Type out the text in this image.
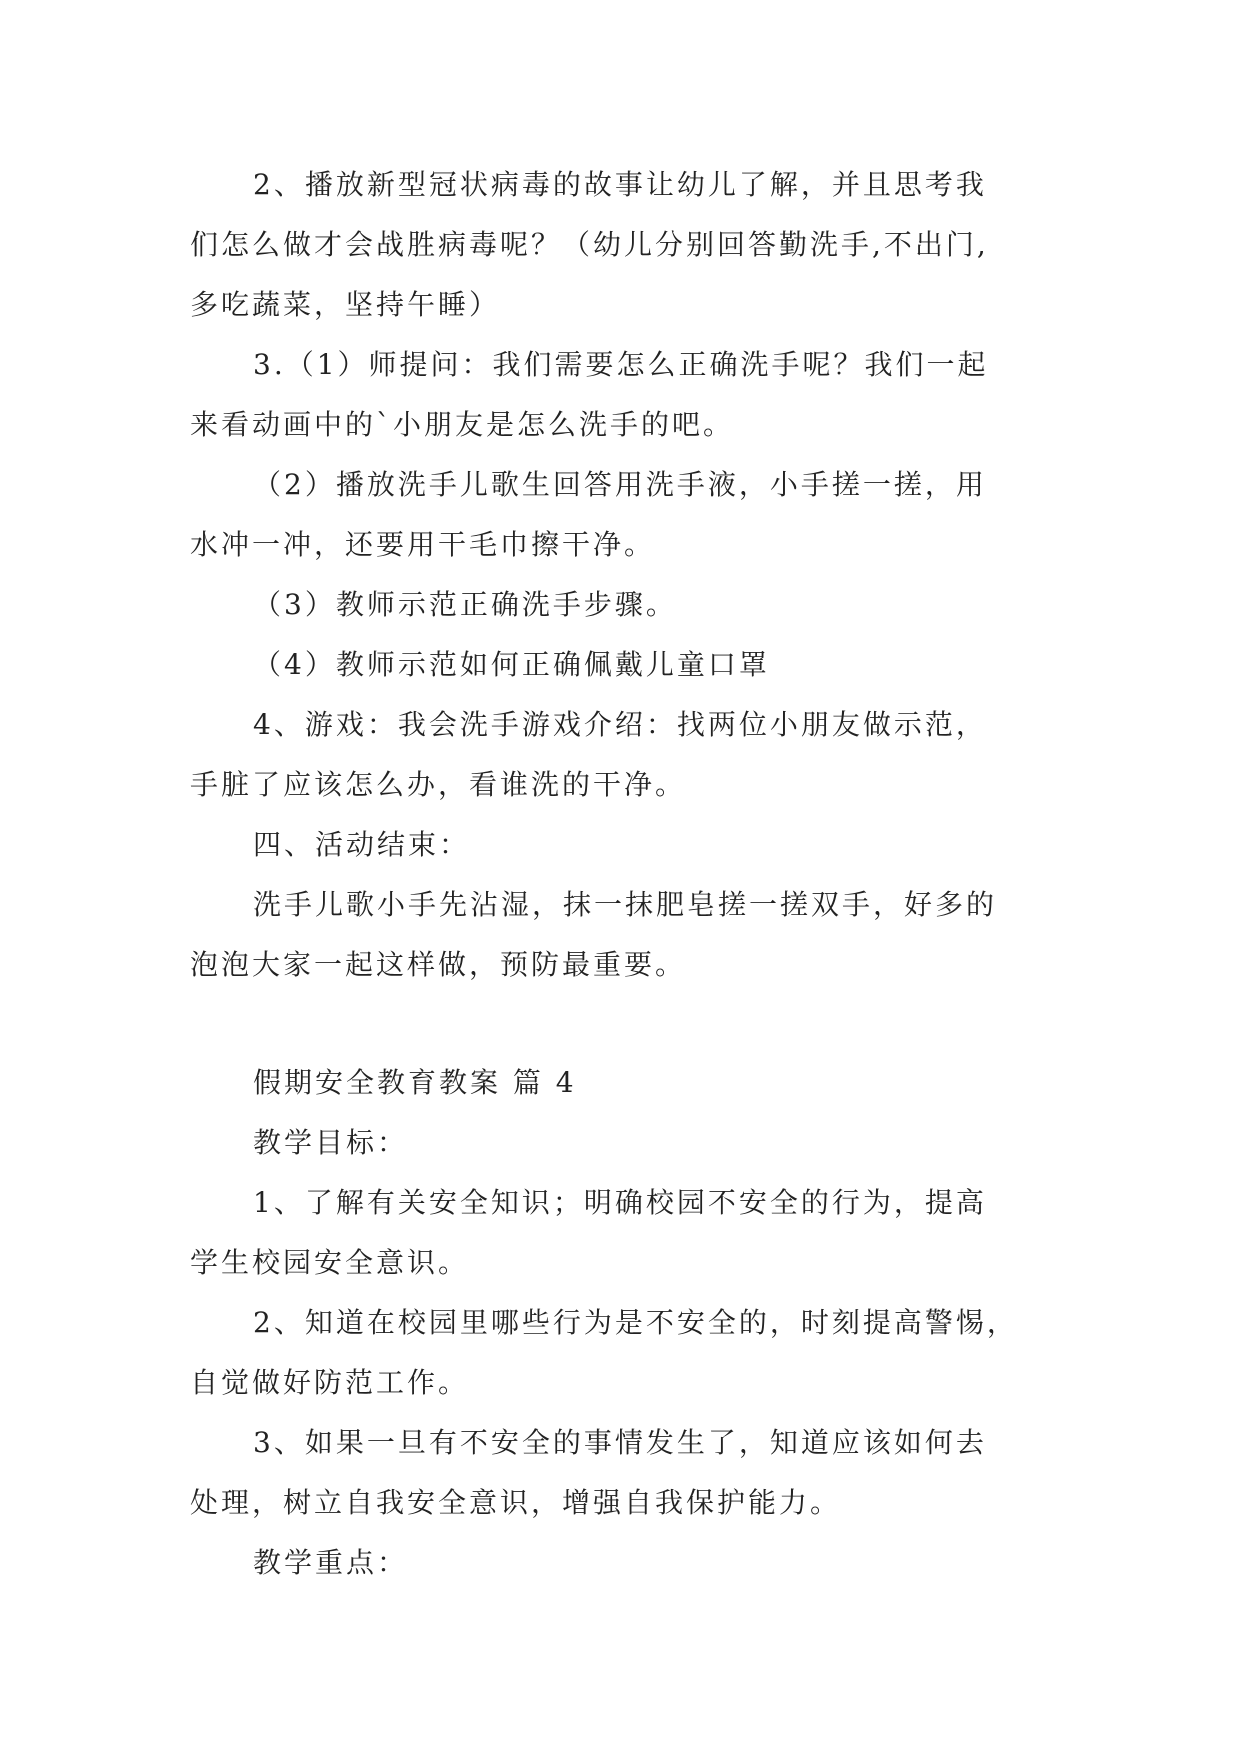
2、播放新型冠状病毒的故事让幼儿了解，并且思考我
们怎么做才会战胜病毒呢？（幼儿分别回答勤洗手,不出门,
多吃蔬菜，坚持午睡）
3.（1）师提问：我们需要怎么正确洗手呢？我们一起
来看动画中的`小朋友是怎么洗手的吧。
（2）播放洗手儿歌生回答用洗手液，小手搓一搓，用
水冲一冲，还要用干毛巾擦干净。
（3）教师示范正确洗手步骤。
（4）教师示范如何正确佩戴儿童口罩
4、游戏：我会洗手游戏介绍：找两位小朋友做示范，
手脏了应该怎么办，看谁洗的干净。
四、活动结束：
洗手儿歌小手先沾湿，抹一抹肥皂搓一搓双手，好多的
泡泡大家一起这样做，预防最重要。
假期安全教育教案 篇 4
教学目标：
1、了解有关安全知识；明确校园不安全的行为，提高
学生校园安全意识。
2、知道在校园里哪些行为是不安全的，时刻提高警惕，
自觉做好防范工作。
3、如果一旦有不安全的事情发生了，知道应该如何去
处理，树立自我安全意识，增强自我保护能力。
教学重点：
